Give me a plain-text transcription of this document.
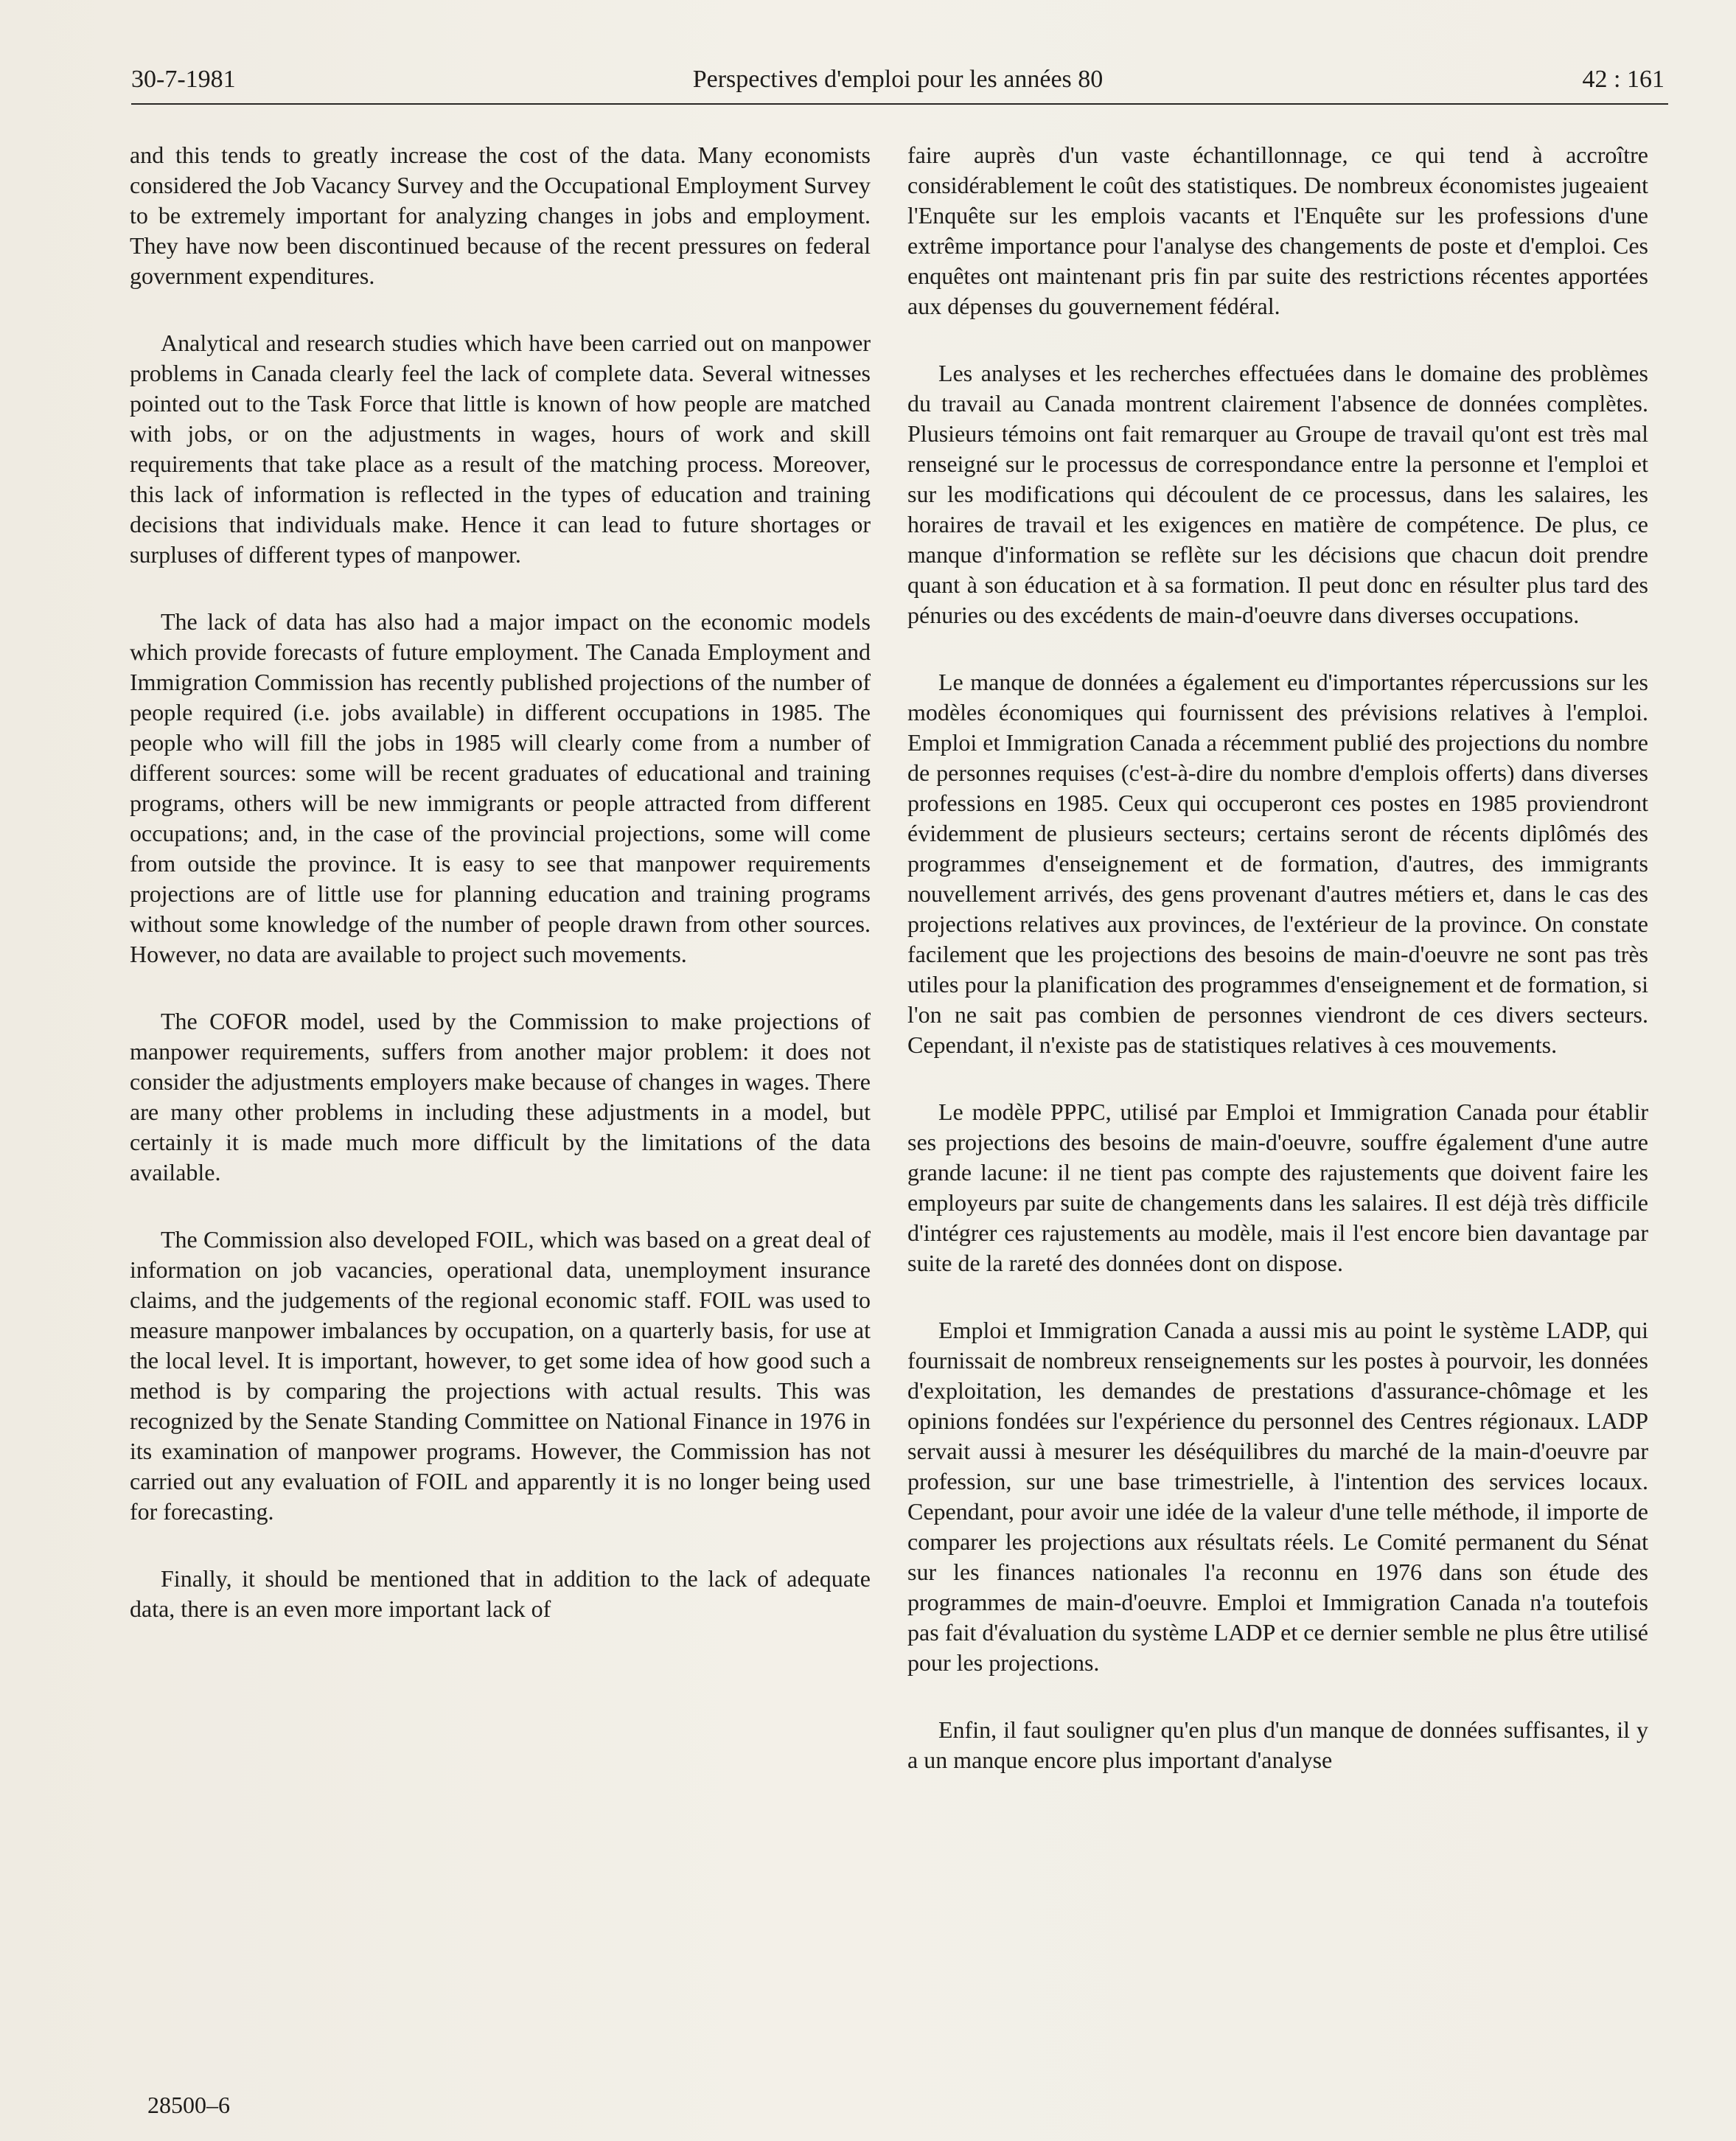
30-7-1981	Perspectives d'emploi pour les années 80	42 : 161

and this tends to greatly increase the cost of the data. Many economists considered the Job Vacancy Survey and the Occupational Employment Survey to be extremely important for analyzing changes in jobs and employment. They have now been discontinued because of the recent pressures on federal government expenditures.

Analytical and research studies which have been carried out on manpower problems in Canada clearly feel the lack of complete data. Several witnesses pointed out to the Task Force that little is known of how people are matched with jobs, or on the adjustments in wages, hours of work and skill requirements that take place as a result of the matching process. Moreover, this lack of information is reflected in the types of education and training decisions that individuals make. Hence it can lead to future shortages or surpluses of different types of manpower.

The lack of data has also had a major impact on the economic models which provide forecasts of future employment. The Canada Employment and Immigration Commission has recently published projections of the number of people required (i.e. jobs available) in different occupations in 1985. The people who will fill the jobs in 1985 will clearly come from a number of different sources: some will be recent graduates of educational and training programs, others will be new immigrants or people attracted from different occupations; and, in the case of the provincial projections, some will come from outside the province. It is easy to see that manpower requirements projections are of little use for planning education and training programs without some knowledge of the number of people drawn from other sources. However, no data are available to project such movements.

The COFOR model, used by the Commission to make projections of manpower requirements, suffers from another major problem: it does not consider the adjustments employers make because of changes in wages. There are many other problems in including these adjustments in a model, but certainly it is made much more difficult by the limitations of the data available.

The Commission also developed FOIL, which was based on a great deal of information on job vacancies, operational data, unemployment insurance claims, and the judgements of the regional economic staff. FOIL was used to measure manpower imbalances by occupation, on a quarterly basis, for use at the local level. It is important, however, to get some idea of how good such a method is by comparing the projections with actual results. This was recognized by the Senate Standing Committee on National Finance in 1976 in its examination of manpower programs. However, the Commission has not carried out any evaluation of FOIL and apparently it is no longer being used for forecasting.

Finally, it should be mentioned that in addition to the lack of adequate data, there is an even more important lack of

faire auprès d'un vaste échantillonnage, ce qui tend à accroître considérablement le coût des statistiques. De nombreux économistes jugeaient l'Enquête sur les emplois vacants et l'Enquête sur les professions d'une extrême importance pour l'analyse des changements de poste et d'emploi. Ces enquêtes ont maintenant pris fin par suite des restrictions récentes apportées aux dépenses du gouvernement fédéral.

Les analyses et les recherches effectuées dans le domaine des problèmes du travail au Canada montrent clairement l'absence de données complètes. Plusieurs témoins ont fait remarquer au Groupe de travail qu'ont est très mal renseigné sur le processus de correspondance entre la personne et l'emploi et sur les modifications qui découlent de ce processus, dans les salaires, les horaires de travail et les exigences en matière de compétence. De plus, ce manque d'information se reflète sur les décisions que chacun doit prendre quant à son éducation et à sa formation. Il peut donc en résulter plus tard des pénuries ou des excédents de main-d'oeuvre dans diverses occupations.

Le manque de données a également eu d'importantes répercussions sur les modèles économiques qui fournissent des prévisions relatives à l'emploi. Emploi et Immigration Canada a récemment publié des projections du nombre de personnes requises (c'est-à-dire du nombre d'emplois offerts) dans diverses professions en 1985. Ceux qui occuperont ces postes en 1985 proviendront évidemment de plusieurs secteurs; certains seront de récents diplômés des programmes d'enseignement et de formation, d'autres, des immigrants nouvellement arrivés, des gens provenant d'autres métiers et, dans le cas des projections relatives aux provinces, de l'extérieur de la province. On constate facilement que les projections des besoins de main-d'oeuvre ne sont pas très utiles pour la planification des programmes d'enseignement et de formation, si l'on ne sait pas combien de personnes viendront de ces divers secteurs. Cependant, il n'existe pas de statistiques relatives à ces mouvements.

Le modèle PPPC, utilisé par Emploi et Immigration Canada pour établir ses projections des besoins de main-d'oeuvre, souffre également d'une autre grande lacune: il ne tient pas compte des rajustements que doivent faire les employeurs par suite de changements dans les salaires. Il est déjà très difficile d'intégrer ces rajustements au modèle, mais il l'est encore bien davantage par suite de la rareté des données dont on dispose.

Emploi et Immigration Canada a aussi mis au point le système LADP, qui fournissait de nombreux renseignements sur les postes à pourvoir, les données d'exploitation, les demandes de prestations d'assurance-chômage et les opinions fondées sur l'expérience du personnel des Centres régionaux. LADP servait aussi à mesurer les déséquilibres du marché de la main-d'oeuvre par profession, sur une base trimestrielle, à l'intention des services locaux. Cependant, pour avoir une idée de la valeur d'une telle méthode, il importe de comparer les projections aux résultats réels. Le Comité permanent du Sénat sur les finances nationales l'a reconnu en 1976 dans son étude des programmes de main-d'oeuvre. Emploi et Immigration Canada n'a toutefois pas fait d'évaluation du système LADP et ce dernier semble ne plus être utilisé pour les projections.

Enfin, il faut souligner qu'en plus d'un manque de données suffisantes, il y a un manque encore plus important d'analyse

28500–6
